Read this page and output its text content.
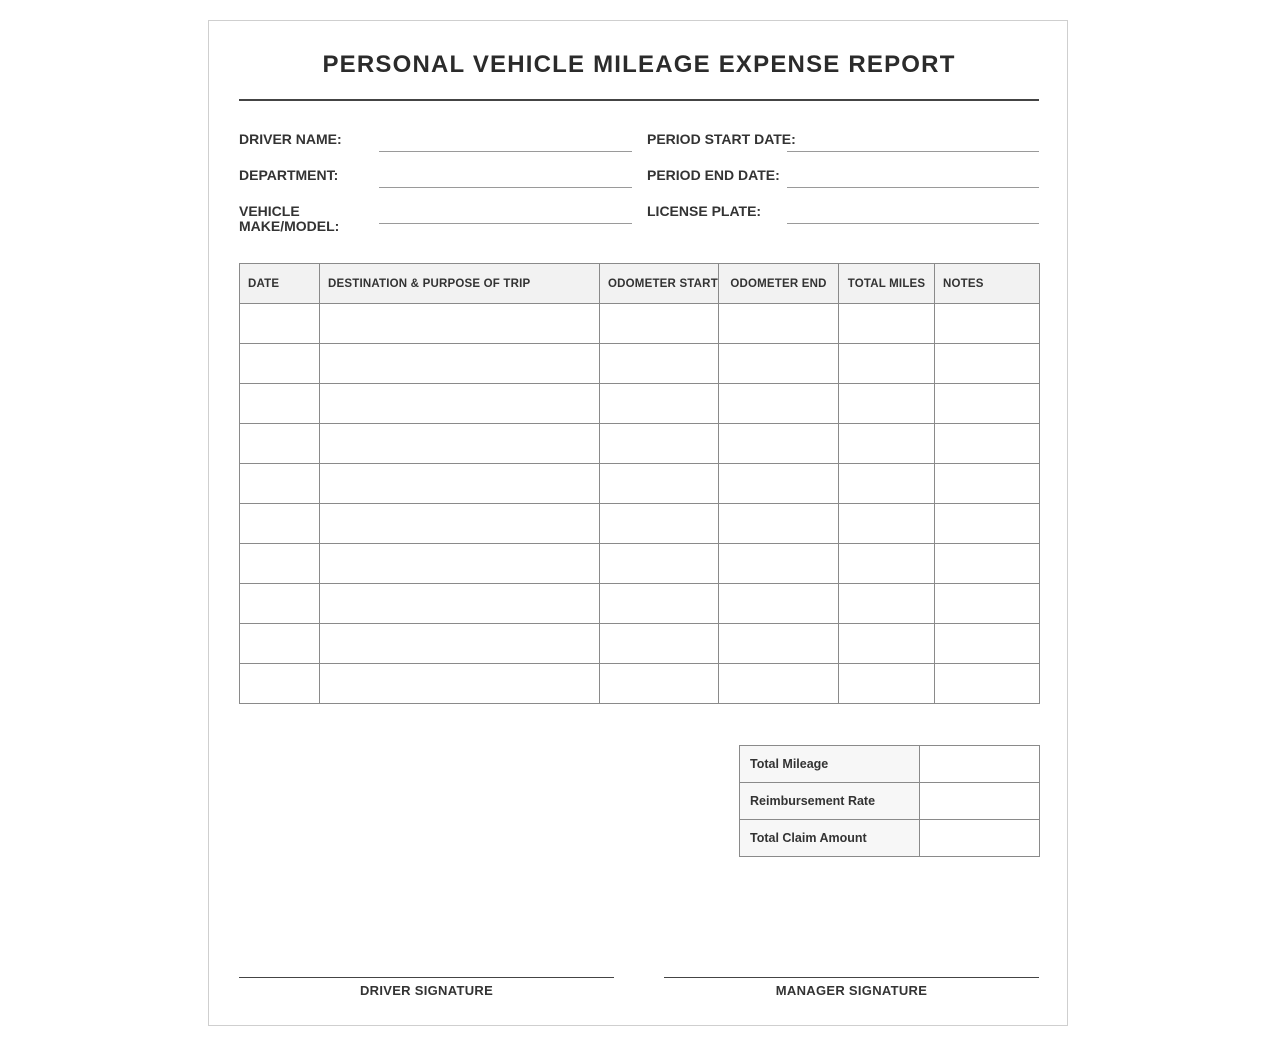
PERSONAL VEHICLE MILEAGE EXPENSE REPORT
DRIVER NAME:
DEPARTMENT:
VEHICLE
MAKE/MODEL:
PERIOD START DATE:
PERIOD END DATE:
LICENSE PLATE:
DATE	DESTINATION & PURPOSE OF TRIP	ODOMETER START	ODOMETER END	TOTAL MILES	NOTES

Total Mileage	
Reimbursement Rate	
Total Claim Amount	
DRIVER SIGNATURE	MANAGER SIGNATURE
